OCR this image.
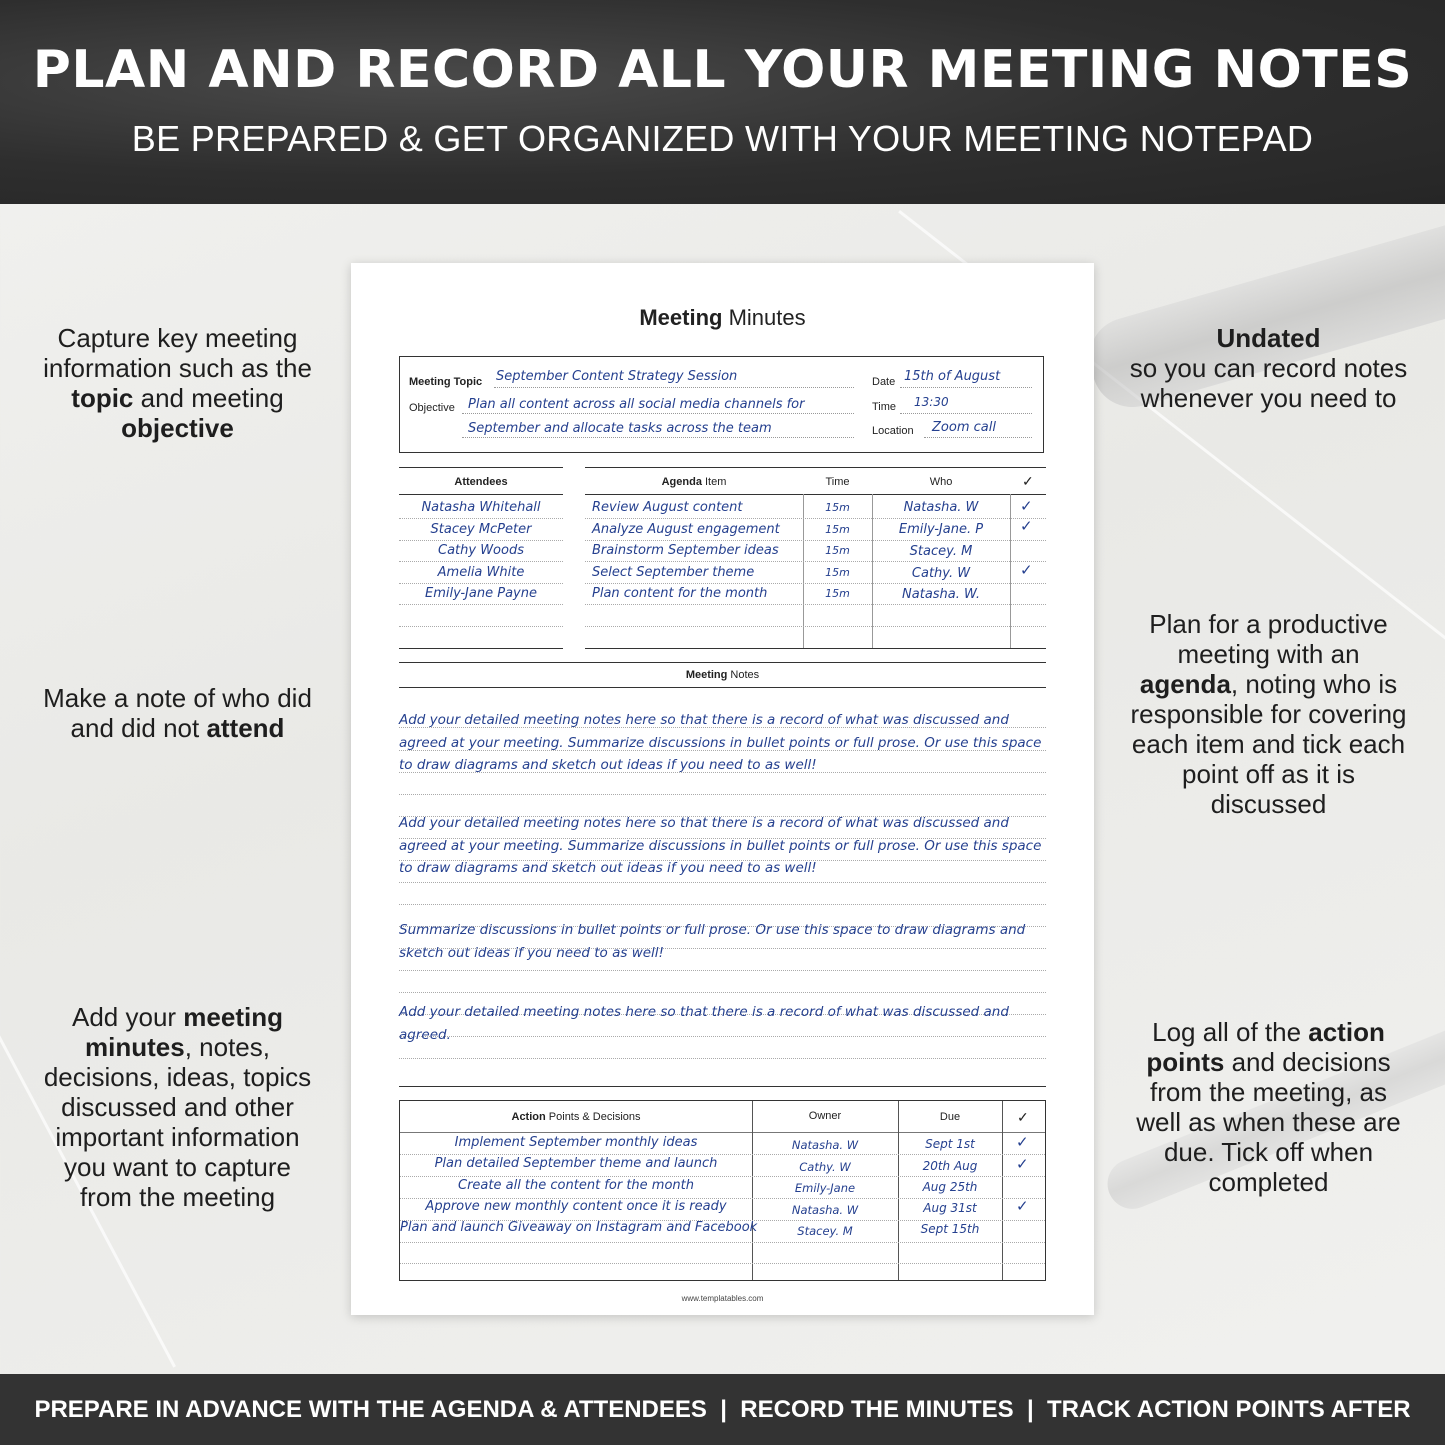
PLAN AND RECORD ALL YOUR MEETING NOTES
BE PREPARED & GET ORGANIZED WITH YOUR MEETING NOTEPAD
Capture key meeting information such as the topic and meeting objective
Make a note of who did and did not attend
Add your meeting minutes, notes, decisions, ideas, topics discussed and other important information you want to capture from the meeting
Undated
so you can record notes whenever you need to
Plan for a productive meeting with an agenda, noting who is responsible for covering each item and tick each point off as it is discussed
Log all of the action points and decisions from the meeting, as well as when these are due. Tick off when completed
Meeting Minutes
Meeting Topic September Content Strategy Session
Objective Plan all content across all social media channels for
September and allocate tasks across the team
Date 15th of August
Time 13:30
Location Zoom call
Attendees
Natasha Whitehall
Stacey McPeter
Cathy Woods
Amelia White
Emily-Jane Payne
Agenda Item	Time	Who	✓
Review August content	15m	Natasha. W	✓
Analyze August engagement	15m	Emily-Jane. P	✓
Brainstorm September ideas	15m	Stacey. M
Select September theme	15m	Cathy. W	✓
Plan content for the month	15m	Natasha. W.
Meeting Notes
Add your detailed meeting notes here so that there is a record of what was discussed and agreed at your meeting. Summarize discussions in bullet points or full prose. Or use this space to draw diagrams and sketch out ideas if you need to as well!
Add your detailed meeting notes here so that there is a record of what was discussed and agreed at your meeting. Summarize discussions in bullet points or full prose. Or use this space to draw diagrams and sketch out ideas if you need to as well!
Summarize discussions in bullet points or full prose. Or use this space to draw diagrams and sketch out ideas if you need to as well!
Add your detailed meeting notes here so that there is a record of what was discussed and agreed.
Action Points & Decisions	Owner	Due	✓
Implement September monthly ideas	Natasha. W	Sept 1st	✓
Plan detailed September theme and launch	Cathy. W	20th Aug	✓
Create all the content for the month	Emily-Jane	Aug 25th
Approve new monthly content once it is ready	Natasha. W	Aug 31st	✓
Plan and launch Giveaway on Instagram and Facebook	Stacey. M	Sept 15th
www.templatables.com
PREPARE IN ADVANCE WITH THE AGENDA & ATTENDEES  |  RECORD THE MINUTES  |  TRACK ACTION POINTS AFTER
